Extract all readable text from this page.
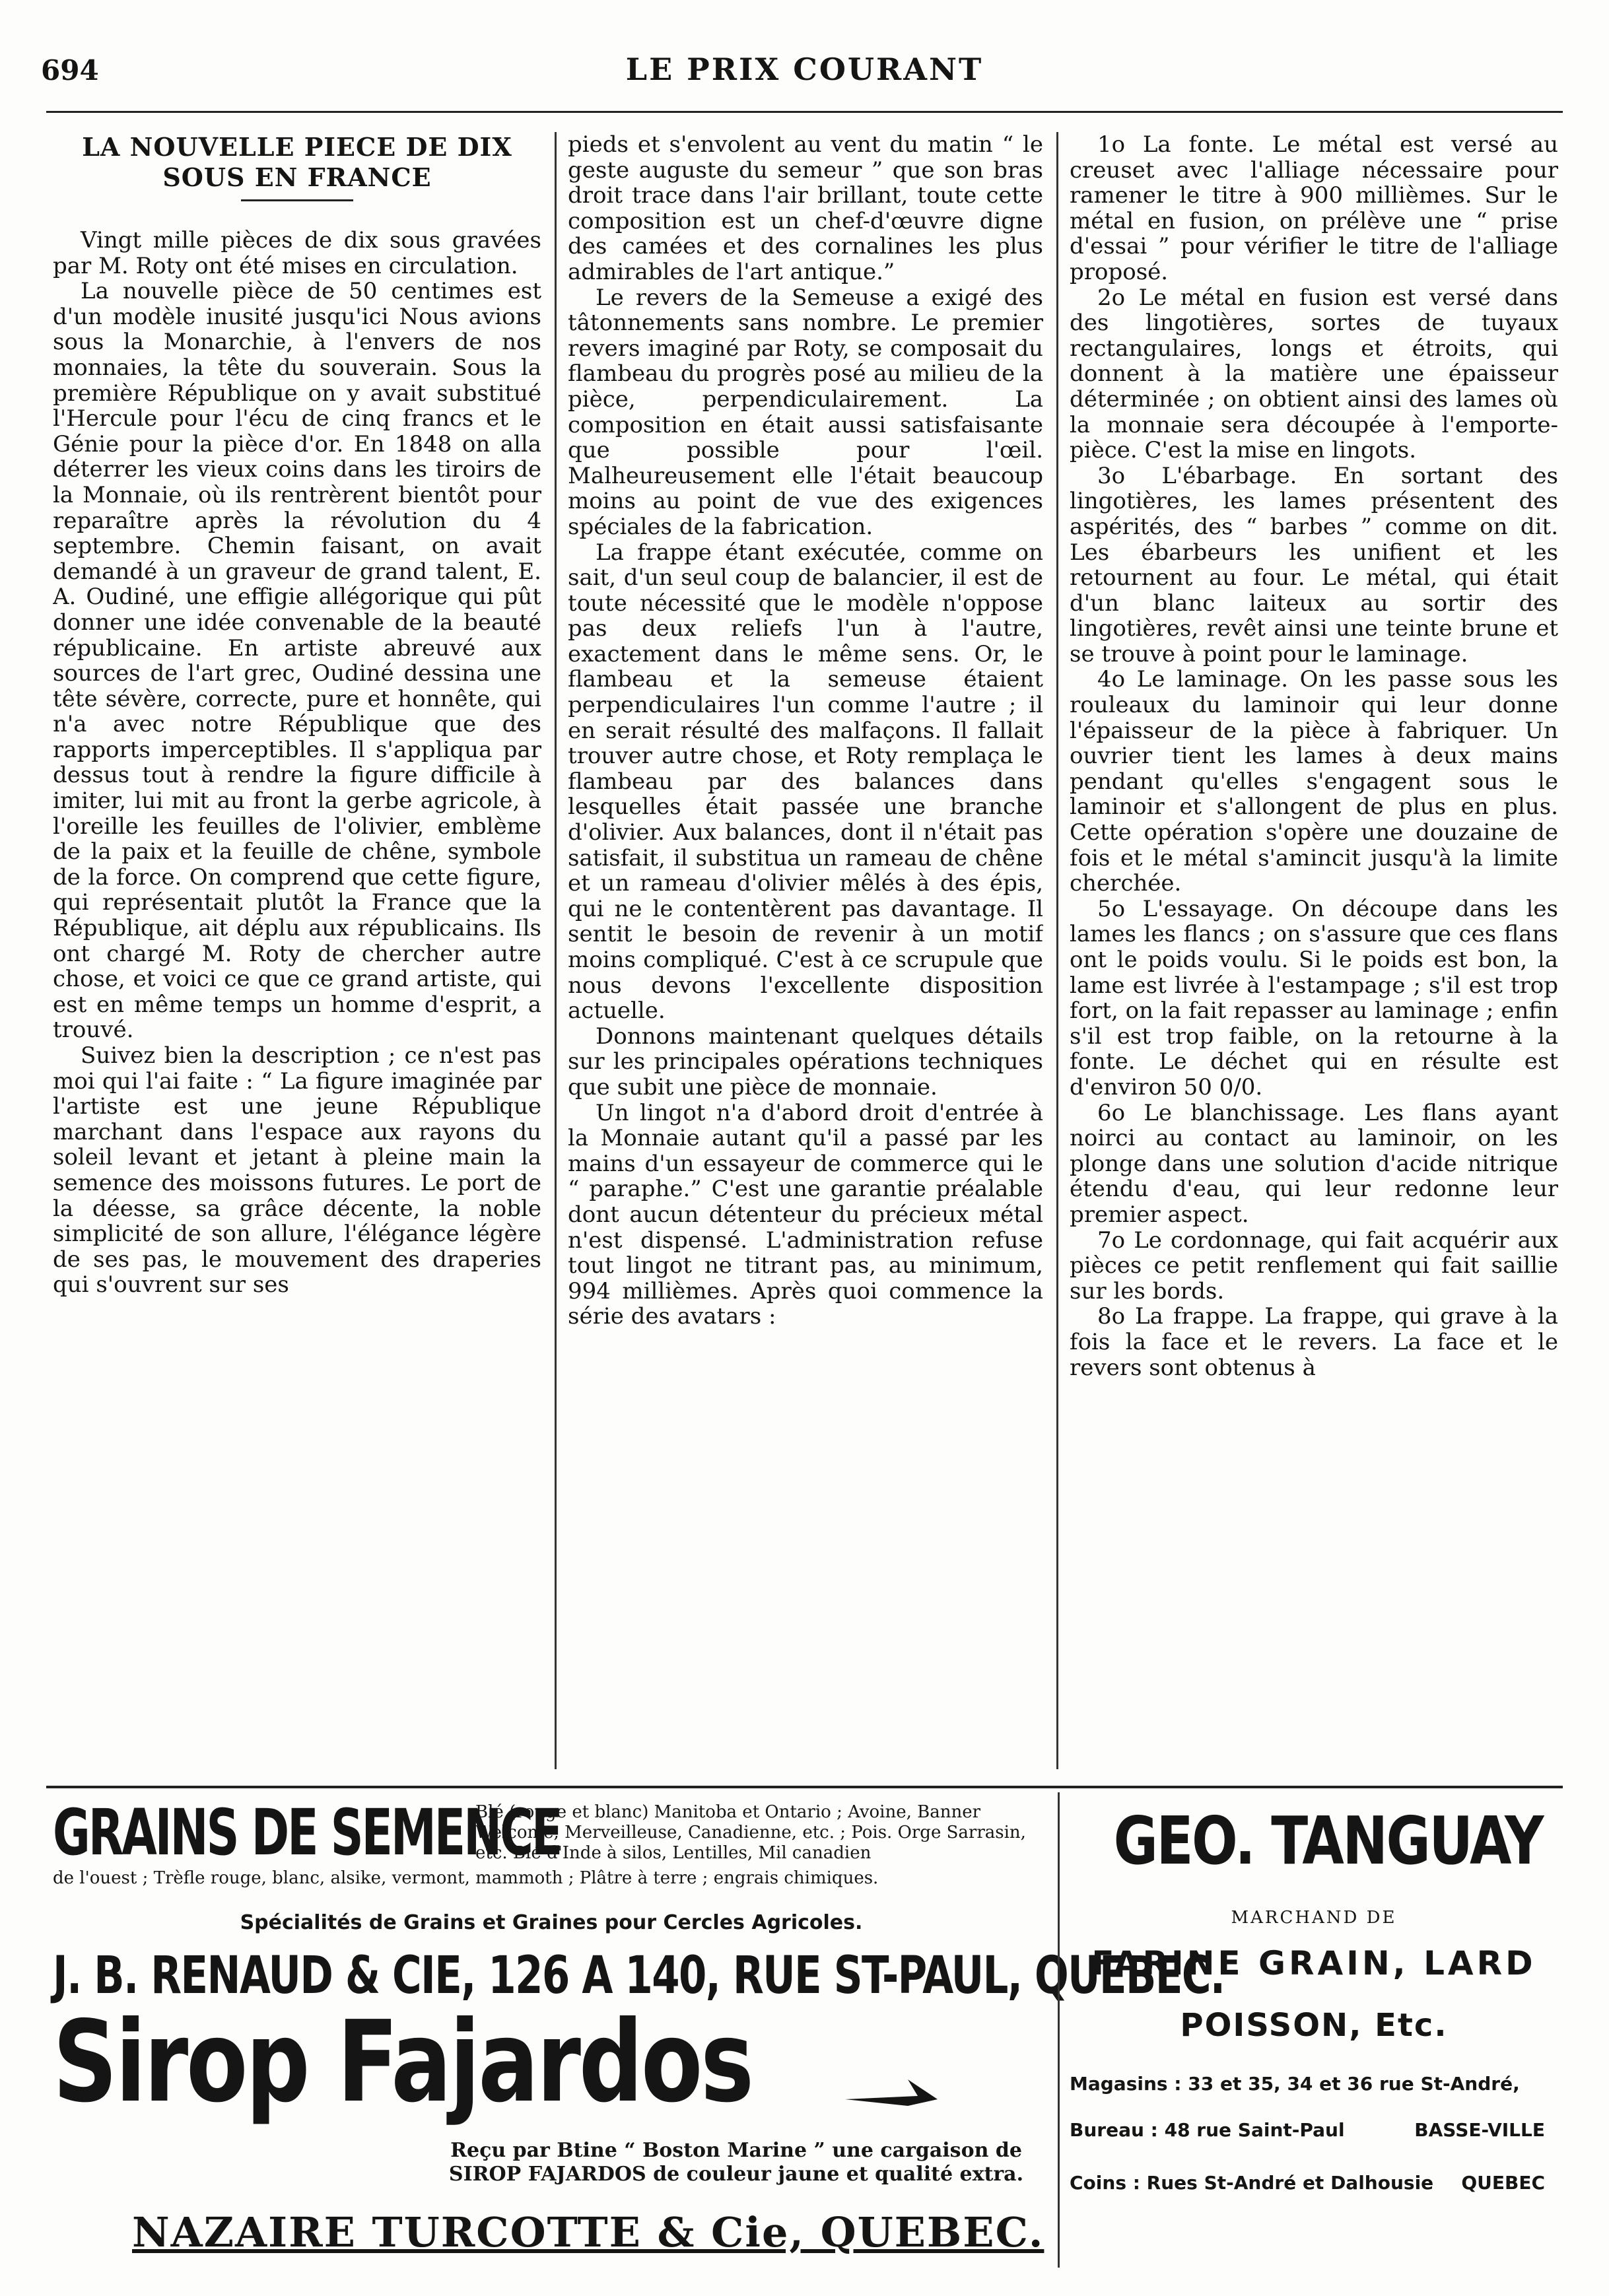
694	LE PRIX COURANT
LA NOUVELLE PIECE DE DIX
SOUS EN FRANCE

Vingt mille pièces de dix sous gravées par M. Roty ont été mises en circulation.

La nouvelle pièce de 50 centimes est d'un modèle inusité jusqu'ici Nous avions sous la Monarchie, à l'envers de nos monnaies, la tête du souverain. Sous la première République on y avait substitué l'Hercule pour l'écu de cinq francs et le Génie pour la pièce d'or. En 1848 on alla déterrer les vieux coins dans les tiroirs de la Monnaie, où ils rentrèrent bientôt pour reparaître après la révolution du 4 septembre. Chemin faisant, on avait demandé à un graveur de grand talent, E. A. Oudiné, une effigie allégorique qui pût donner une idée convenable de la beauté républicaine. En artiste abreuvé aux sources de l'art grec, Oudiné dessina une tête sévère, correcte, pure et honnête, qui n'a avec notre République que des rapports imperceptibles. Il s'appliqua par dessus tout à rendre la figure difficile à imiter, lui mit au front la gerbe agricole, à l'oreille les feuilles de l'olivier, emblème de la paix et la feuille de chêne, symbole de la force. On comprend que cette figure, qui représentait plutôt la France que la République, ait déplu aux républicains. Ils ont chargé M. Roty de chercher autre chose, et voici ce que ce grand artiste, qui est en même temps un homme d'esprit, a trouvé.

Suivez bien la description ; ce n'est pas moi qui l'ai faite : “ La figure imaginée par l'artiste est une jeune République marchant dans l'espace aux rayons du soleil levant et jetant à pleine main la semence des moissons futures. Le port de la déesse, sa grâce décente, la noble simplicité de son allure, l'élégance légère de ses pas, le mouvement des draperies qui s'ouvrent sur ses

pieds et s'envolent au vent du matin “ le geste auguste du semeur ” que son bras droit trace dans l'air brillant, toute cette composition est un chef-d'œuvre digne des camées et des cornalines les plus admirables de l'art antique.”

Le revers de la Semeuse a exigé des tâtonnements sans nombre. Le premier revers imaginé par Roty, se composait du flambeau du progrès posé au milieu de la pièce, perpendiculairement. La composition en était aussi satisfaisante que possible pour l'œil. Malheureusement elle l'était beaucoup moins au point de vue des exigences spéciales de la fabrication.

La frappe étant exécutée, comme on sait, d'un seul coup de balancier, il est de toute nécessité que le modèle n'oppose pas deux reliefs l'un à l'autre, exactement dans le même sens. Or, le flambeau et la semeuse étaient perpendiculaires l'un comme l'autre ; il en serait résulté des malfaçons. Il fallait trouver autre chose, et Roty remplaça le flambeau par des balances dans lesquelles était passée une branche d'olivier. Aux balances, dont il n'était pas satisfait, il substitua un rameau de chêne et un rameau d'olivier mêlés à des épis, qui ne le contentèrent pas davantage. Il sentit le besoin de revenir à un motif moins compliqué. C'est à ce scrupule que nous devons l'excellente disposition actuelle.

Donnons maintenant quelques détails sur les principales opérations techniques que subit une pièce de monnaie.

Un lingot n'a d'abord droit d'entrée à la Monnaie autant qu'il a passé par les mains d'un essayeur de commerce qui le “ paraphe.” C'est une garantie préalable dont aucun détenteur du précieux métal n'est dispensé. L'administration refuse tout lingot ne titrant pas, au minimum, 994 millièmes. Après quoi commence la série des avatars :

1o La fonte. Le métal est versé au creuset avec l'alliage nécessaire pour ramener le titre à 900 millièmes. Sur le métal en fusion, on prélève une “ prise d'essai ” pour vérifier le titre de l'alliage proposé.

2o Le métal en fusion est versé dans des lingotières, sortes de tuyaux rectangulaires, longs et étroits, qui donnent à la matière une épaisseur déterminée ; on obtient ainsi des lames où la monnaie sera découpée à l'emporte-pièce. C'est la mise en lingots.

3o L'ébarbage. En sortant des lingotières, les lames présentent des aspérités, des “ barbes ” comme on dit. Les ébarbeurs les unifient et les retournent au four. Le métal, qui était d'un blanc laiteux au sortir des lingotières, revêt ainsi une teinte brune et se trouve à point pour le laminage.

4o Le laminage. On les passe sous les rouleaux du laminoir qui leur donne l'épaisseur de la pièce à fabriquer. Un ouvrier tient les lames à deux mains pendant qu'elles s'engagent sous le laminoir et s'allongent de plus en plus. Cette opération s'opère une douzaine de fois et le métal s'amincit jusqu'à la limite cherchée.

5o L'essayage. On découpe dans les lames les flancs ; on s'assure que ces flans ont le poids voulu. Si le poids est bon, la lame est livrée à l'estampage ; s'il est trop fort, on la fait repasser au laminage ; enfin s'il est trop faible, on la retourne à la fonte. Le déchet qui en résulte est d'environ 50 0/0.

6o Le blanchissage. Les flans ayant noirci au contact au laminoir, on les plonge dans une solution d'acide nitrique étendu d'eau, qui leur redonne leur premier aspect.

7o Le cordonnage, qui fait acquérir aux pièces ce petit renflement qui fait saillie sur les bords.

8o La frappe. La frappe, qui grave à la fois la face et le revers. La face et le revers sont obtenus à

GRAINS DE SEMENCE
Blé (rouge et blanc) Manitoba et Ontario ; Avoine, Banner Welcome, Merveilleuse, Canadienne, etc. ; Pois. Orge Sarrasin, etc. Blé d'Inde à silos, Lentilles, Mil canadien
de l'ouest ; Trèfle rouge, blanc, alsike, vermont, mammoth ; Plâtre à terre ; engrais chimiques.
Spécialités de Grains et Graines pour Cercles Agricoles.
J. B. RENAUD & CIE, 126 A 140, RUE ST-PAUL, QUEBEC.
Sirop Fajardos
Reçu par Btine “ Boston Marine ” une cargaison de
SIROP FAJARDOS de couleur jaune et qualité extra.
NAZAIRE TURCOTTE & Cie, QUEBEC.
GEO. TANGUAY
MARCHAND DE
FARINE GRAIN, LARD
POISSON, Etc.
Magasins : 33 et 35, 34 et 36 rue St-André,
Bureau : 48 rue Saint-Paul	BASSE-VILLE
Coins : Rues St-André et Dalhousie QUEBEC
